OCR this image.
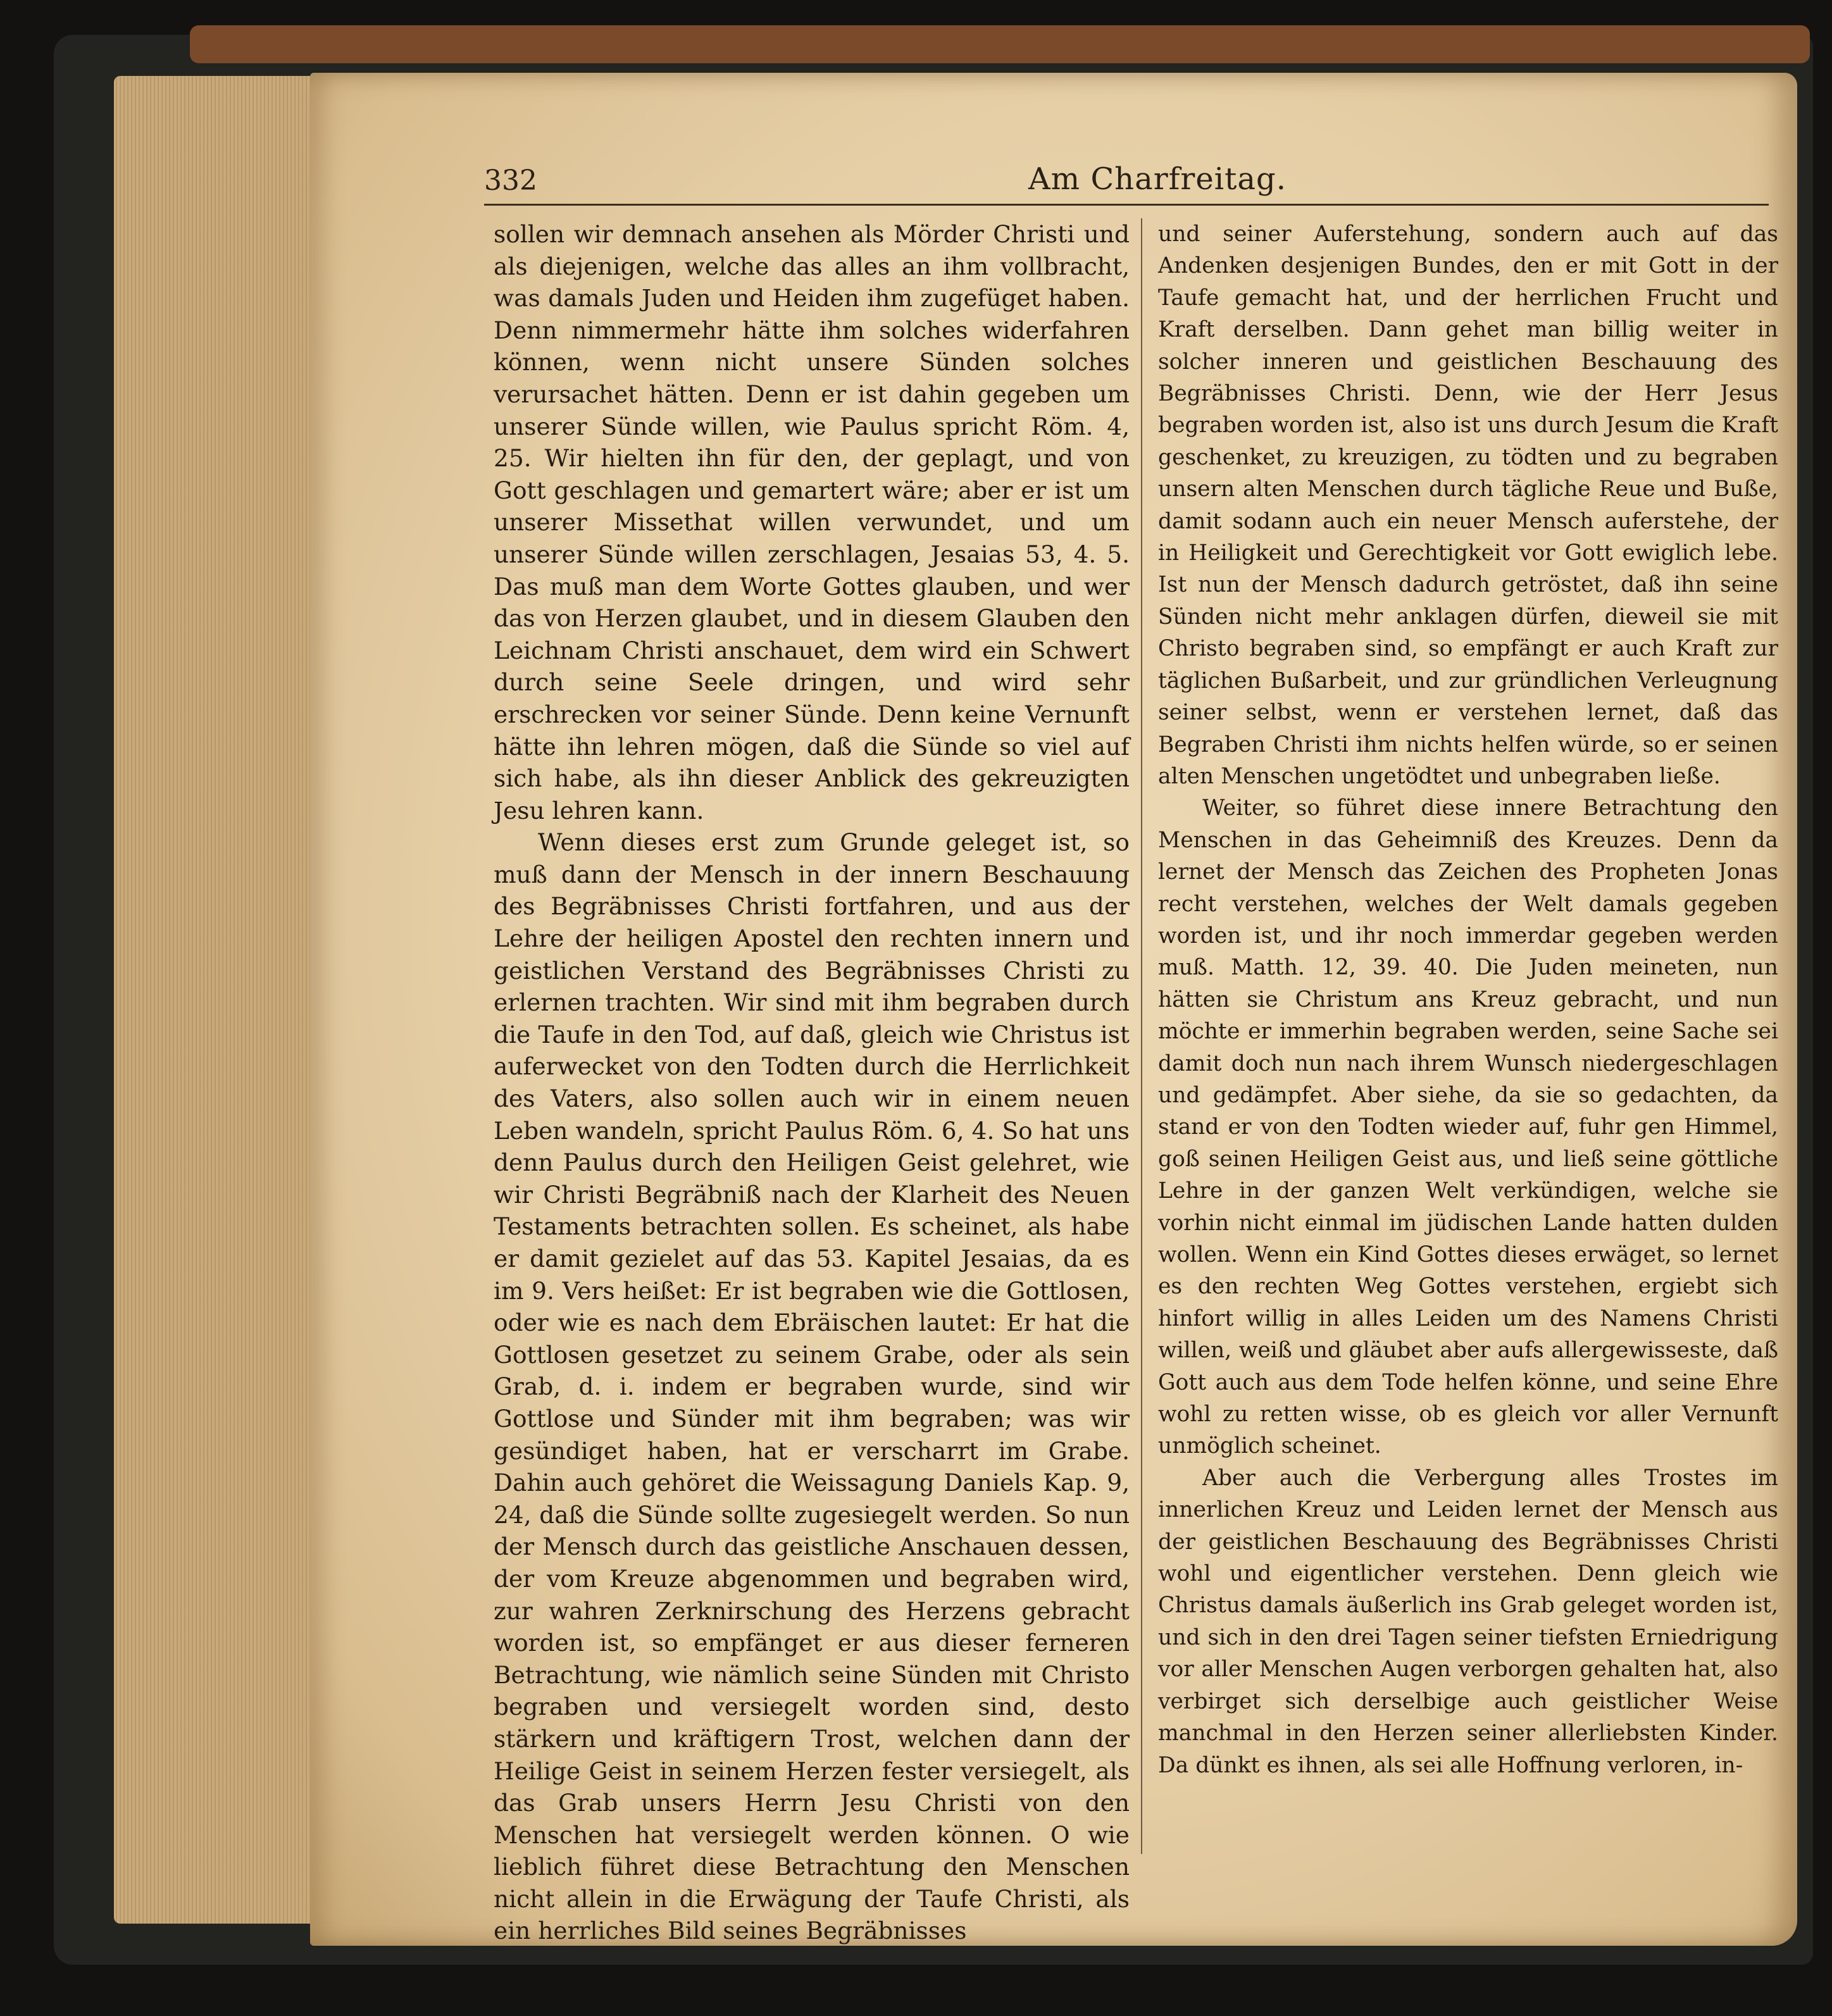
332	Am Charfreitag.

sollen wir demnach ansehen als Mörder Christi und als diejenigen, welche das alles an ihm vollbracht, was damals Juden und Heiden ihm zugefüget haben. Denn nimmermehr hätte ihm solches widerfahren können, wenn nicht unsere Sünden solches verursachet hätten. Denn er ist dahin gegeben um unserer Sünde willen, wie Paulus spricht Röm. 4, 25. Wir hielten ihn für den, der geplagt, und von Gott geschlagen und gemartert wäre; aber er ist um unserer Missethat willen verwundet, und um unserer Sünde willen zerschlagen, Jesaias 53, 4. 5. Das muß man dem Worte Gottes glauben, und wer das von Herzen glaubet, und in diesem Glauben den Leichnam Christi anschauet, dem wird ein Schwert durch seine Seele dringen, und wird sehr erschrecken vor seiner Sünde. Denn keine Vernunft hätte ihn lehren mögen, daß die Sünde so viel auf sich habe, als ihn dieser Anblick des gekreuzigten Jesu lehren kann.

Wenn dieses erst zum Grunde geleget ist, so muß dann der Mensch in der innern Beschauung des Begräbnisses Christi fortfahren, und aus der Lehre der heiligen Apostel den rechten innern und geistlichen Verstand des Begräbnisses Christi zu erlernen trachten. Wir sind mit ihm begraben durch die Taufe in den Tod, auf daß, gleich wie Christus ist auferwecket von den Todten durch die Herrlichkeit des Vaters, also sollen auch wir in einem neuen Leben wandeln, spricht Paulus Röm. 6, 4. So hat uns denn Paulus durch den Heiligen Geist gelehret, wie wir Christi Begräbniß nach der Klarheit des Neuen Testaments betrachten sollen. Es scheinet, als habe er damit gezielet auf das 53. Kapitel Jesaias, da es im 9. Vers heißet: Er ist begraben wie die Gottlosen, oder wie es nach dem Ebräischen lautet: Er hat die Gottlosen gesetzet zu seinem Grabe, oder als sein Grab, d. i. indem er begraben wurde, sind wir Gottlose und Sünder mit ihm begraben; was wir gesündiget haben, hat er verscharrt im Grabe. Dahin auch gehöret die Weissagung Daniels Kap. 9, 24, daß die Sünde sollte zugesiegelt werden. So nun der Mensch durch das geistliche Anschauen dessen, der vom Kreuze abgenommen und begraben wird, zur wahren Zerknirschung des Herzens gebracht worden ist, so empfänget er aus dieser ferneren Betrachtung, wie nämlich seine Sünden mit Christo begraben und versiegelt worden sind, desto stärkern und kräftigern Trost, welchen dann der Heilige Geist in seinem Herzen fester versiegelt, als das Grab unsers Herrn Jesu Christi von den Menschen hat versiegelt werden können. O wie lieblich führet diese Betrachtung den Menschen nicht allein in die Erwägung der Taufe Christi, als ein herrliches Bild seines Begräbnisses

und seiner Auferstehung, sondern auch auf das Andenken desjenigen Bundes, den er mit Gott in der Taufe gemacht hat, und der herrlichen Frucht und Kraft derselben. Dann gehet man billig weiter in solcher inneren und geistlichen Beschauung des Begräbnisses Christi. Denn, wie der Herr Jesus begraben worden ist, also ist uns durch Jesum die Kraft geschenket, zu kreuzigen, zu tödten und zu begraben unsern alten Menschen durch tägliche Reue und Buße, damit sodann auch ein neuer Mensch auferstehe, der in Heiligkeit und Gerechtigkeit vor Gott ewiglich lebe. Ist nun der Mensch dadurch getröstet, daß ihn seine Sünden nicht mehr anklagen dürfen, dieweil sie mit Christo begraben sind, so empfängt er auch Kraft zur täglichen Bußarbeit, und zur gründlichen Verleugnung seiner selbst, wenn er verstehen lernet, daß das Begraben Christi ihm nichts helfen würde, so er seinen alten Menschen ungetödtet und unbegraben ließe.

Weiter, so führet diese innere Betrachtung den Menschen in das Geheimniß des Kreuzes. Denn da lernet der Mensch das Zeichen des Propheten Jonas recht verstehen, welches der Welt damals gegeben worden ist, und ihr noch immerdar gegeben werden muß. Matth. 12, 39. 40. Die Juden meineten, nun hätten sie Christum ans Kreuz gebracht, und nun möchte er immerhin begraben werden, seine Sache sei damit doch nun nach ihrem Wunsch niedergeschlagen und gedämpfet. Aber siehe, da sie so gedachten, da stand er von den Todten wieder auf, fuhr gen Himmel, goß seinen Heiligen Geist aus, und ließ seine göttliche Lehre in der ganzen Welt verkündigen, welche sie vorhin nicht einmal im jüdischen Lande hatten dulden wollen. Wenn ein Kind Gottes dieses erwäget, so lernet es den rechten Weg Gottes verstehen, ergiebt sich hinfort willig in alles Leiden um des Namens Christi willen, weiß und gläubet aber aufs allergewisseste, daß Gott auch aus dem Tode helfen könne, und seine Ehre wohl zu retten wisse, ob es gleich vor aller Vernunft unmöglich scheinet.

Aber auch die Verbergung alles Trostes im innerlichen Kreuz und Leiden lernet der Mensch aus der geistlichen Beschauung des Begräbnisses Christi wohl und eigentlicher verstehen. Denn gleich wie Christus damals äußerlich ins Grab geleget worden ist, und sich in den drei Tagen seiner tiefsten Erniedrigung vor aller Menschen Augen verborgen gehalten hat, also verbirget sich derselbige auch geistlicher Weise manchmal in den Herzen seiner allerliebsten Kinder. Da dünkt es ihnen, als sei alle Hoffnung verloren, in-
